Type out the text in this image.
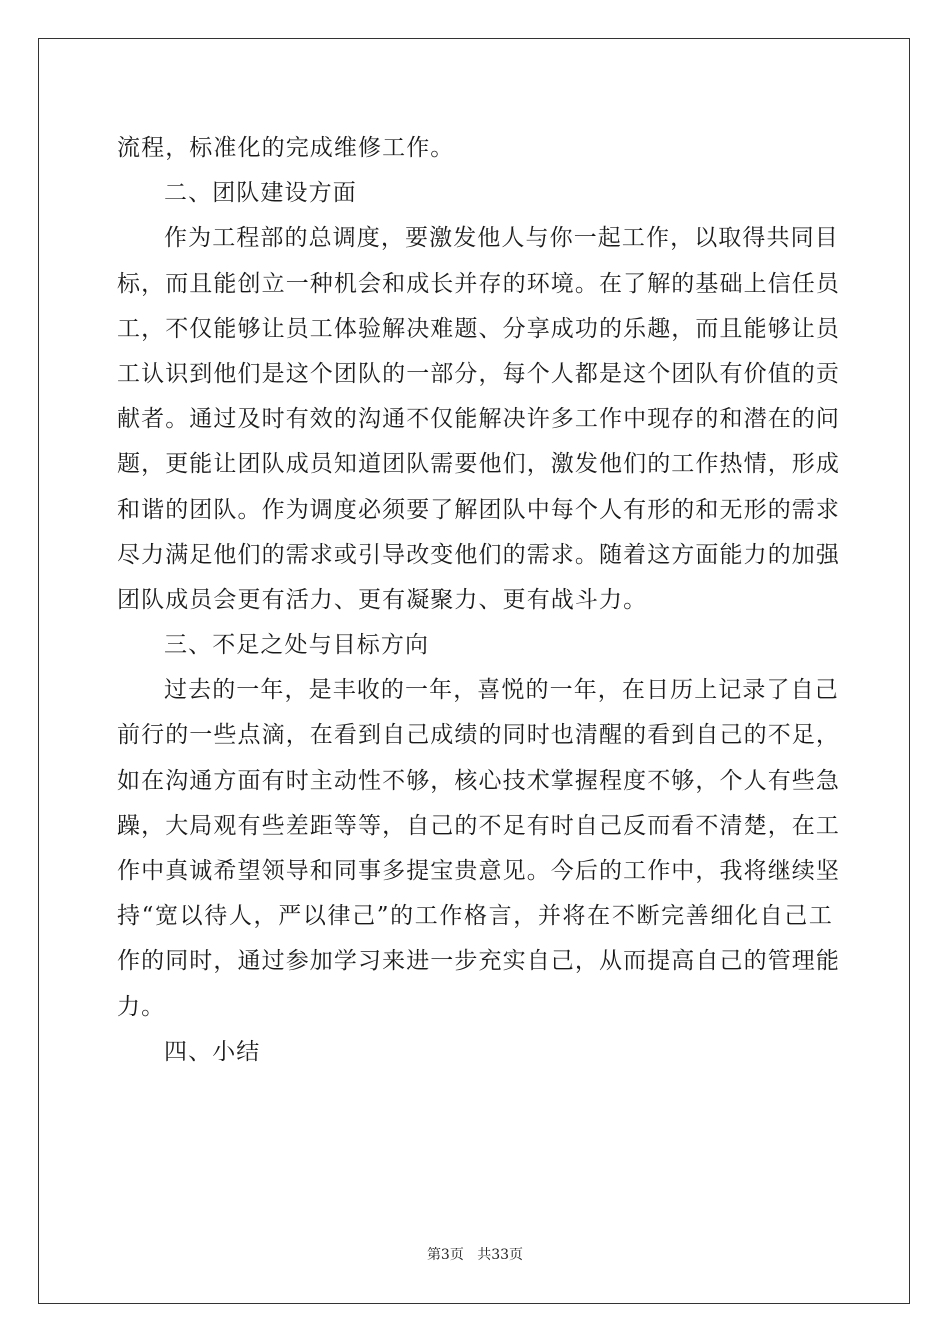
流程，标准化的完成维修工作。
二、团队建设方面
作为工程部的总调度，要激发他人与你一起工作，以取得共同目
标，而且能创立一种机会和成长并存的环境。在了解的基础上信任员
工，不仅能够让员工体验解决难题、分享成功的乐趣，而且能够让员
工认识到他们是这个团队的一部分，每个人都是这个团队有价值的贡
献者。通过及时有效的沟通不仅能解决许多工作中现存的和潜在的问
题，更能让团队成员知道团队需要他们，激发他们的工作热情，形成
和谐的团队。作为调度必须要了解团队中每个人有形的和无形的需求
尽力满足他们的需求或引导改变他们的需求。随着这方面能力的加强
团队成员会更有活力、更有凝聚力、更有战斗力。
三、不足之处与目标方向
过去的一年，是丰收的一年，喜悦的一年，在日历上记录了自己
前行的一些点滴，在看到自己成绩的同时也清醒的看到自己的不足，
如在沟通方面有时主动性不够，核心技术掌握程度不够，个人有些急
躁，大局观有些差距等等，自己的不足有时自己反而看不清楚，在工
作中真诚希望领导和同事多提宝贵意见。今后的工作中，我将继续坚
持“宽以待人，严以律己”的工作格言，并将在不断完善细化自己工
作的同时，通过参加学习来进一步充实自己，从而提高自己的管理能
力。
四、小结
第3页 共33页
